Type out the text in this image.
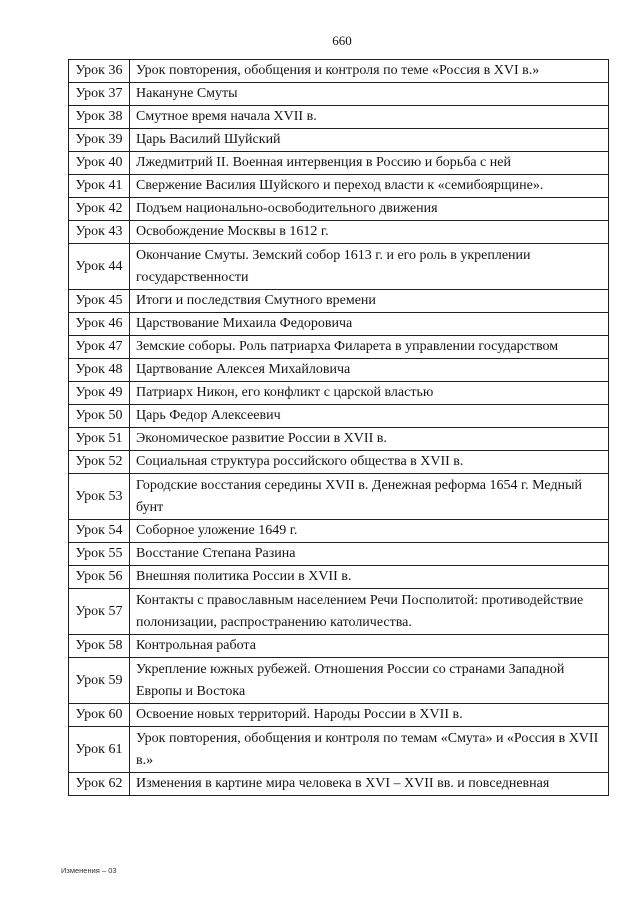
660
Урок 36	Урок повторения, обобщения и контроля по теме «Россия в XVI в.»
Урок 37	Накануне Смуты
Урок 38	Смутное время начала XVII в.
Урок 39	Царь Василий Шуйский
Урок 40	Лжедмитрий II. Военная интервенция в Россию и борьба с ней
Урок 41	Свержение Василия Шуйского и переход власти к «семибоярщине».
Урок 42	Подъем национально-освободительного движения
Урок 43	Освобождение Москвы в 1612 г.
Урок 44	Окончание Смуты. Земский собор 1613 г. и его роль в укреплении государственности
Урок 45	Итоги и последствия Смутного времени
Урок 46	Царствование Михаила Федоровича
Урок 47	Земские соборы. Роль патриарха Филарета в управлении государством
Урок 48	Цартвование Алексея Михайловича
Урок 49	Патриарх Никон, его конфликт с царской властью
Урок 50	Царь Федор Алексеевич
Урок 51	Экономическое развитие России в XVII в.
Урок 52	Социальная структура российского общества в XVII в.
Урок 53	Городские восстания середины XVII в. Денежная реформа 1654 г. Медный бунт
Урок 54	Соборное уложение 1649 г.
Урок 55	Восстание Степана Разина
Урок 56	Внешняя политика России в XVII в.
Урок 57	Контакты с православным населением Речи Посполитой: противодействие полонизации, распространению католичества.
Урок 58	Контрольная работа
Урок 59	Укрепление южных рубежей. Отношения России со странами Западной Европы и Востока
Урок 60	Освоение новых территорий. Народы России в XVII в.
Урок 61	Урок повторения, обобщения и контроля по темам «Смута» и «Россия в XVII в.»
Урок 62	Изменения в картине мира человека в XVI – XVII вв. и повседневная
Изменения – 03
